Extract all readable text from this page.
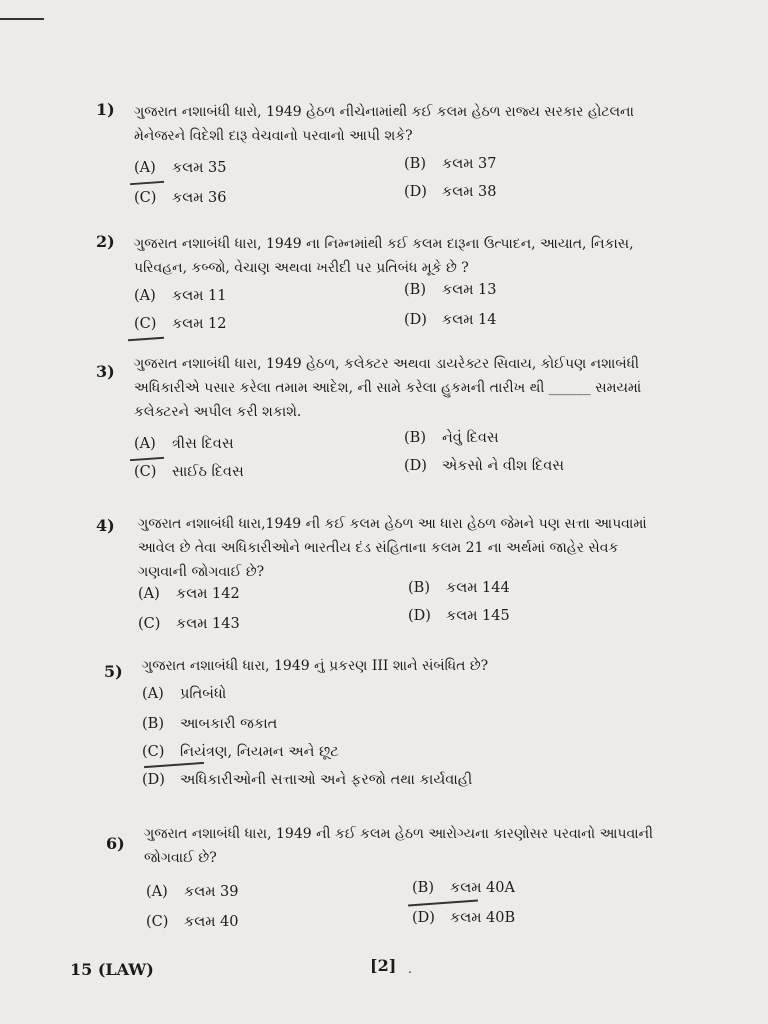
1) ગુજરાત નશાબંધી ધારો, 1949 હેઠળ નીચેનામાંથી કઈ કલમ હેઠળ રાજ્ય સરકાર હોટલના મેનેજરને વિદેશી દારૂ વેચવાનો પરવાનો આપી શકે?
(A) કલમ 35	(B) કલમ 37
(C) કલમ 36	(D) કલમ 38
2) ગુજરાત નશાબંધી ધારા, 1949 ના નિમ્નમાંથી કઈ કલમ દારૂના ઉત્પાદન, આયાત, નિકાસ, પરિવહન, કબ્જો, વેચાણ અથવા ખરીદી પર પ્રતિબંધ મૂકે છે ?
(A) કલમ 11	(B) કલમ 13
(C) કલમ 12	(D) કલમ 14
3) ગુજરાત નશાબંધી ધારા, 1949 હેઠળ, કલેક્ટર અથવા ડાયરેક્ટર સિવાય, કોઈપણ નશાબંધી અધિકારીએ પસાર કરેલા તમામ આદેશ, ની સામે કરેલા હુકમની તારીખ થી ______ સમયમાં કલેક્ટરને અપીલ કરી શકાશે.
(A) ત્રીસ દિવસ	(B) નેવું દિવસ
(C) સાઈઠ દિવસ	(D) એકસો ને વીશ દિવસ
4) ગુજરાત નશાબંધી ધારા,1949 ની કઈ કલમ હેઠળ આ ધારા હેઠળ જેમને પણ સત્તા આપવામાં આવેલ છે તેવા અધિકારીઓને ભારતીય દંડ સંહિતાના કલમ 21 ના અર્થમાં જાહેર સેવક ગણવાની જોગવાઈ છે?
(A) કલમ 142	(B) કલમ 144
(C) કલમ 143	(D) કલમ 145
5) ગુજરાત નશાબંધી ધારા, 1949 નું પ્રકરણ III શાને સંબંધિત છે?
(A) પ્રતિબંધો
(B) આબકારી જકાત
(C) નિયંત્રણ, નિયમન અને છૂટ
(D) અધિકારીઓની સત્તાઓ અને ફરજો તથા કાર્યવાહી
6) ગુજરાત નશાબંધી ધારા, 1949 ની કઈ કલમ હેઠળ આરોગ્યના કારણોસર પરવાનો આપવાની જોગવાઈ છે?
(A) કલમ 39	(B) કલમ 40A
(C) કલમ 40	(D) કલમ 40B
15 (LAW)	[2] .
